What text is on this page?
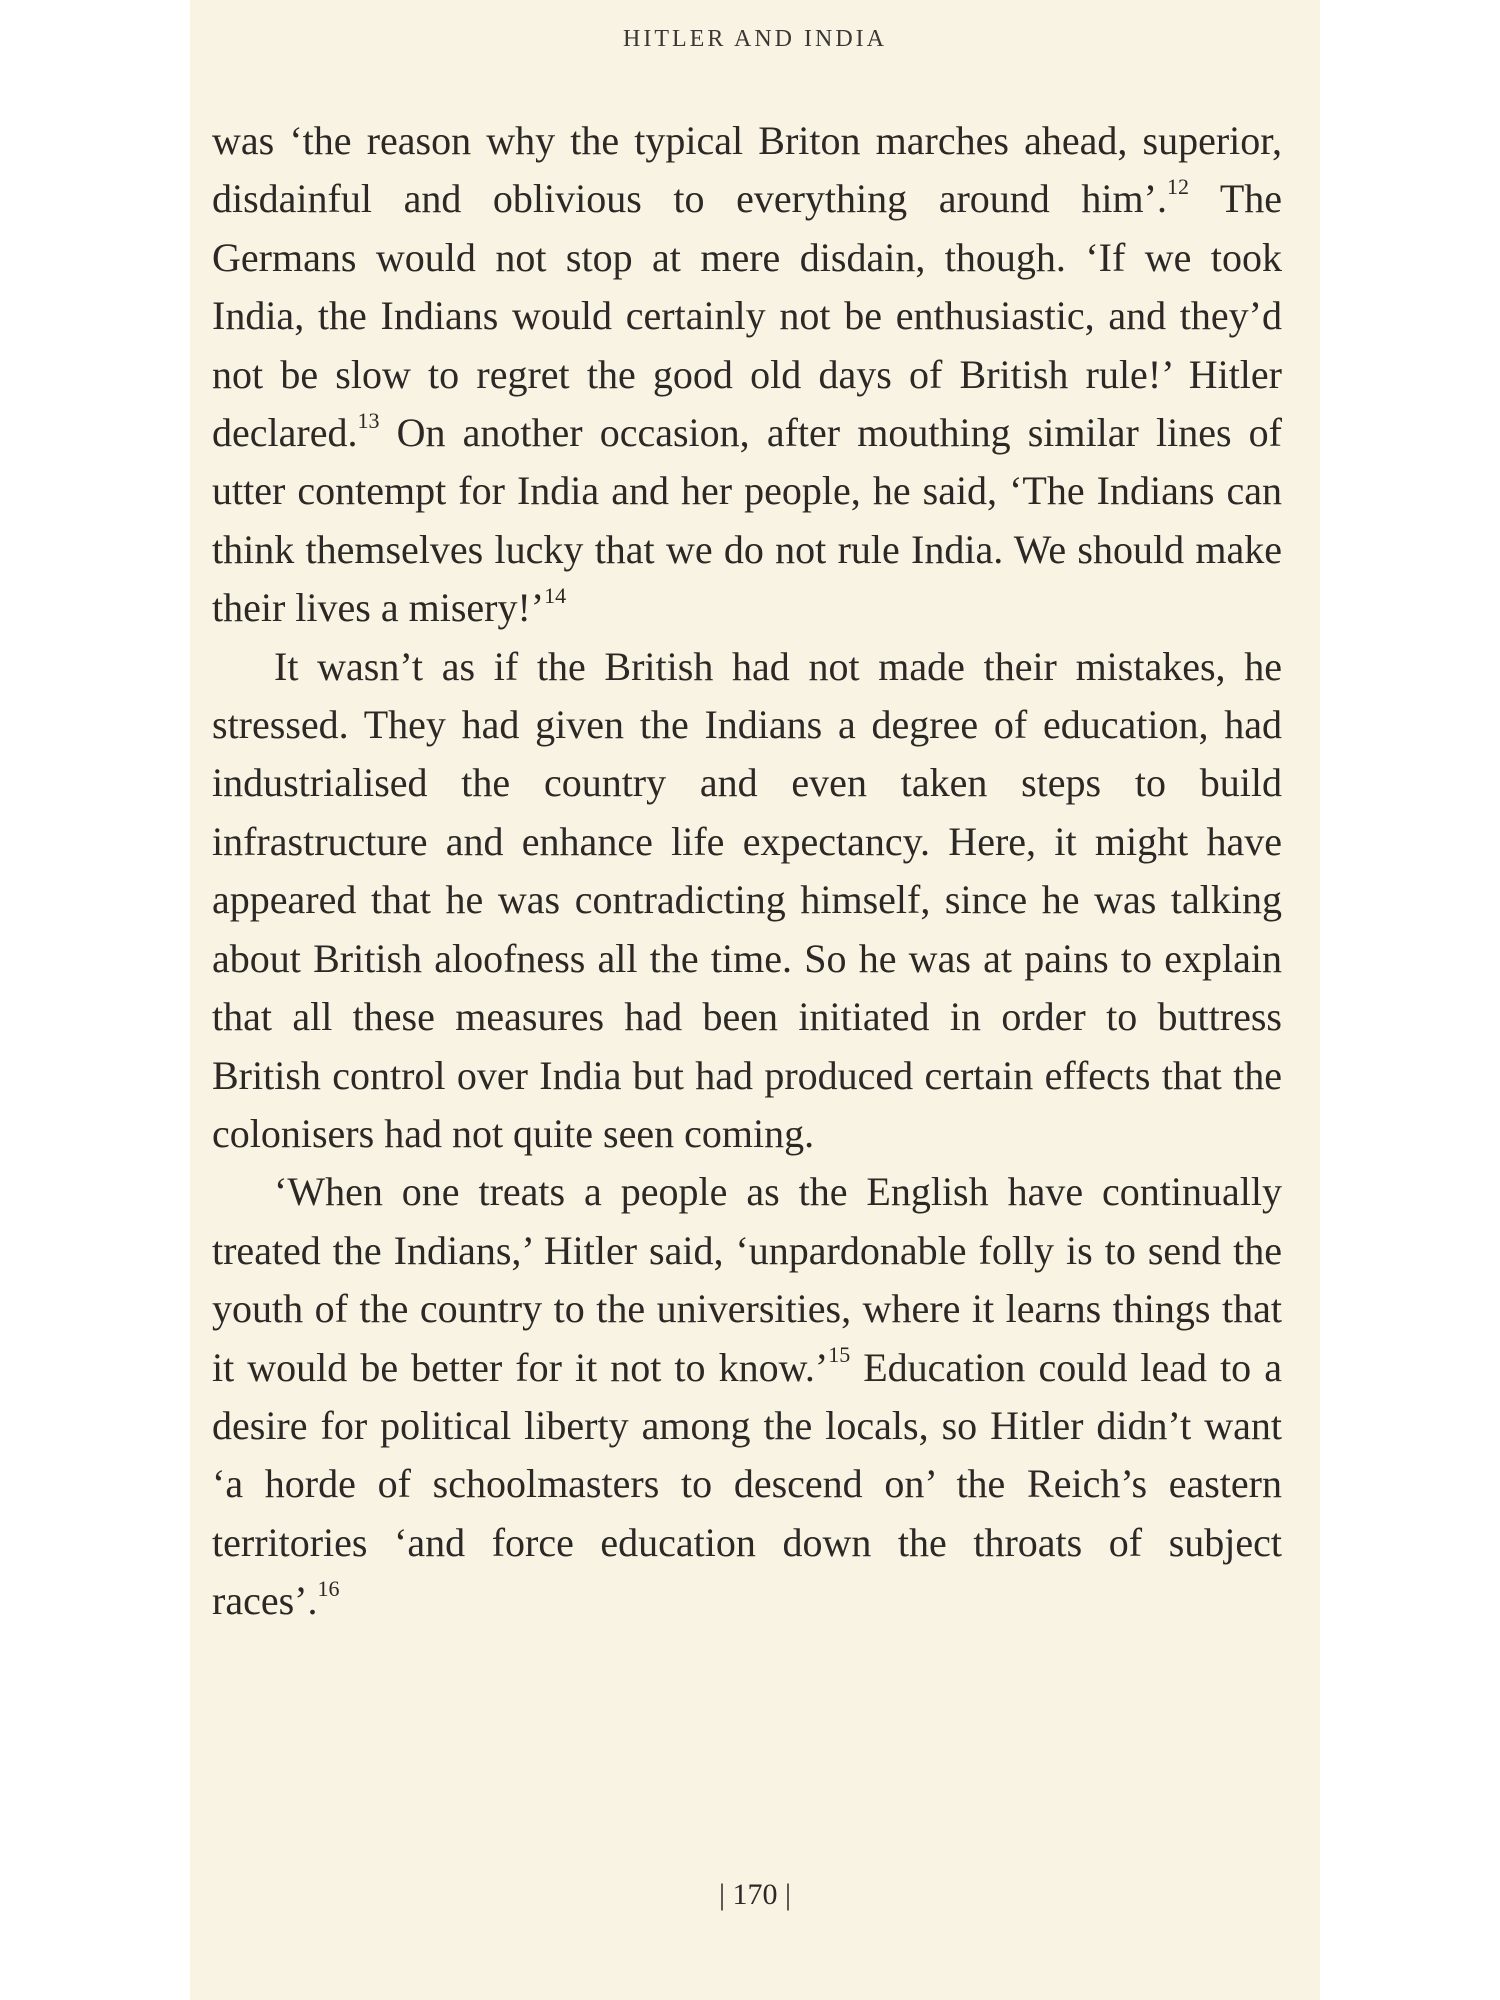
HITLER AND INDIA

was ‘the reason why the typical Briton marches ahead, superior, disdainful and oblivious to everything around him’.$^{12}$ The Germans would not stop at mere disdain, though. ‘If we took India, the Indians would certainly not be enthusiastic, and they’d not be slow to regret the good old days of British rule!’ Hitler declared.$^{13}$ On another occasion, after mouthing similar lines of utter contempt for India and her people, he said, ‘The Indians can think themselves lucky that we do not rule India. We should make their lives a misery!’$^{14}$

It wasn’t as if the British had not made their mistakes, he stressed. They had given the Indians a degree of education, had industrialised the country and even taken steps to build infrastructure and enhance life expectancy. Here, it might have appeared that he was contradicting himself, since he was talking about British aloofness all the time. So he was at pains to explain that all these measures had been initiated in order to buttress British control over India but had produced certain effects that the colonisers had not quite seen coming.

‘When one treats a people as the English have continually treated the Indians,’ Hitler said, ‘unpardonable folly is to send the youth of the country to the universities, where it learns things that it would be better for it not to know.’$^{15}$ Education could lead to a desire for political liberty among the locals, so Hitler didn’t want ‘a horde of schoolmasters to descend on’ the Reich’s eastern territories ‘and force education down the throats of subject races’.$^{16}$

| 170 |
